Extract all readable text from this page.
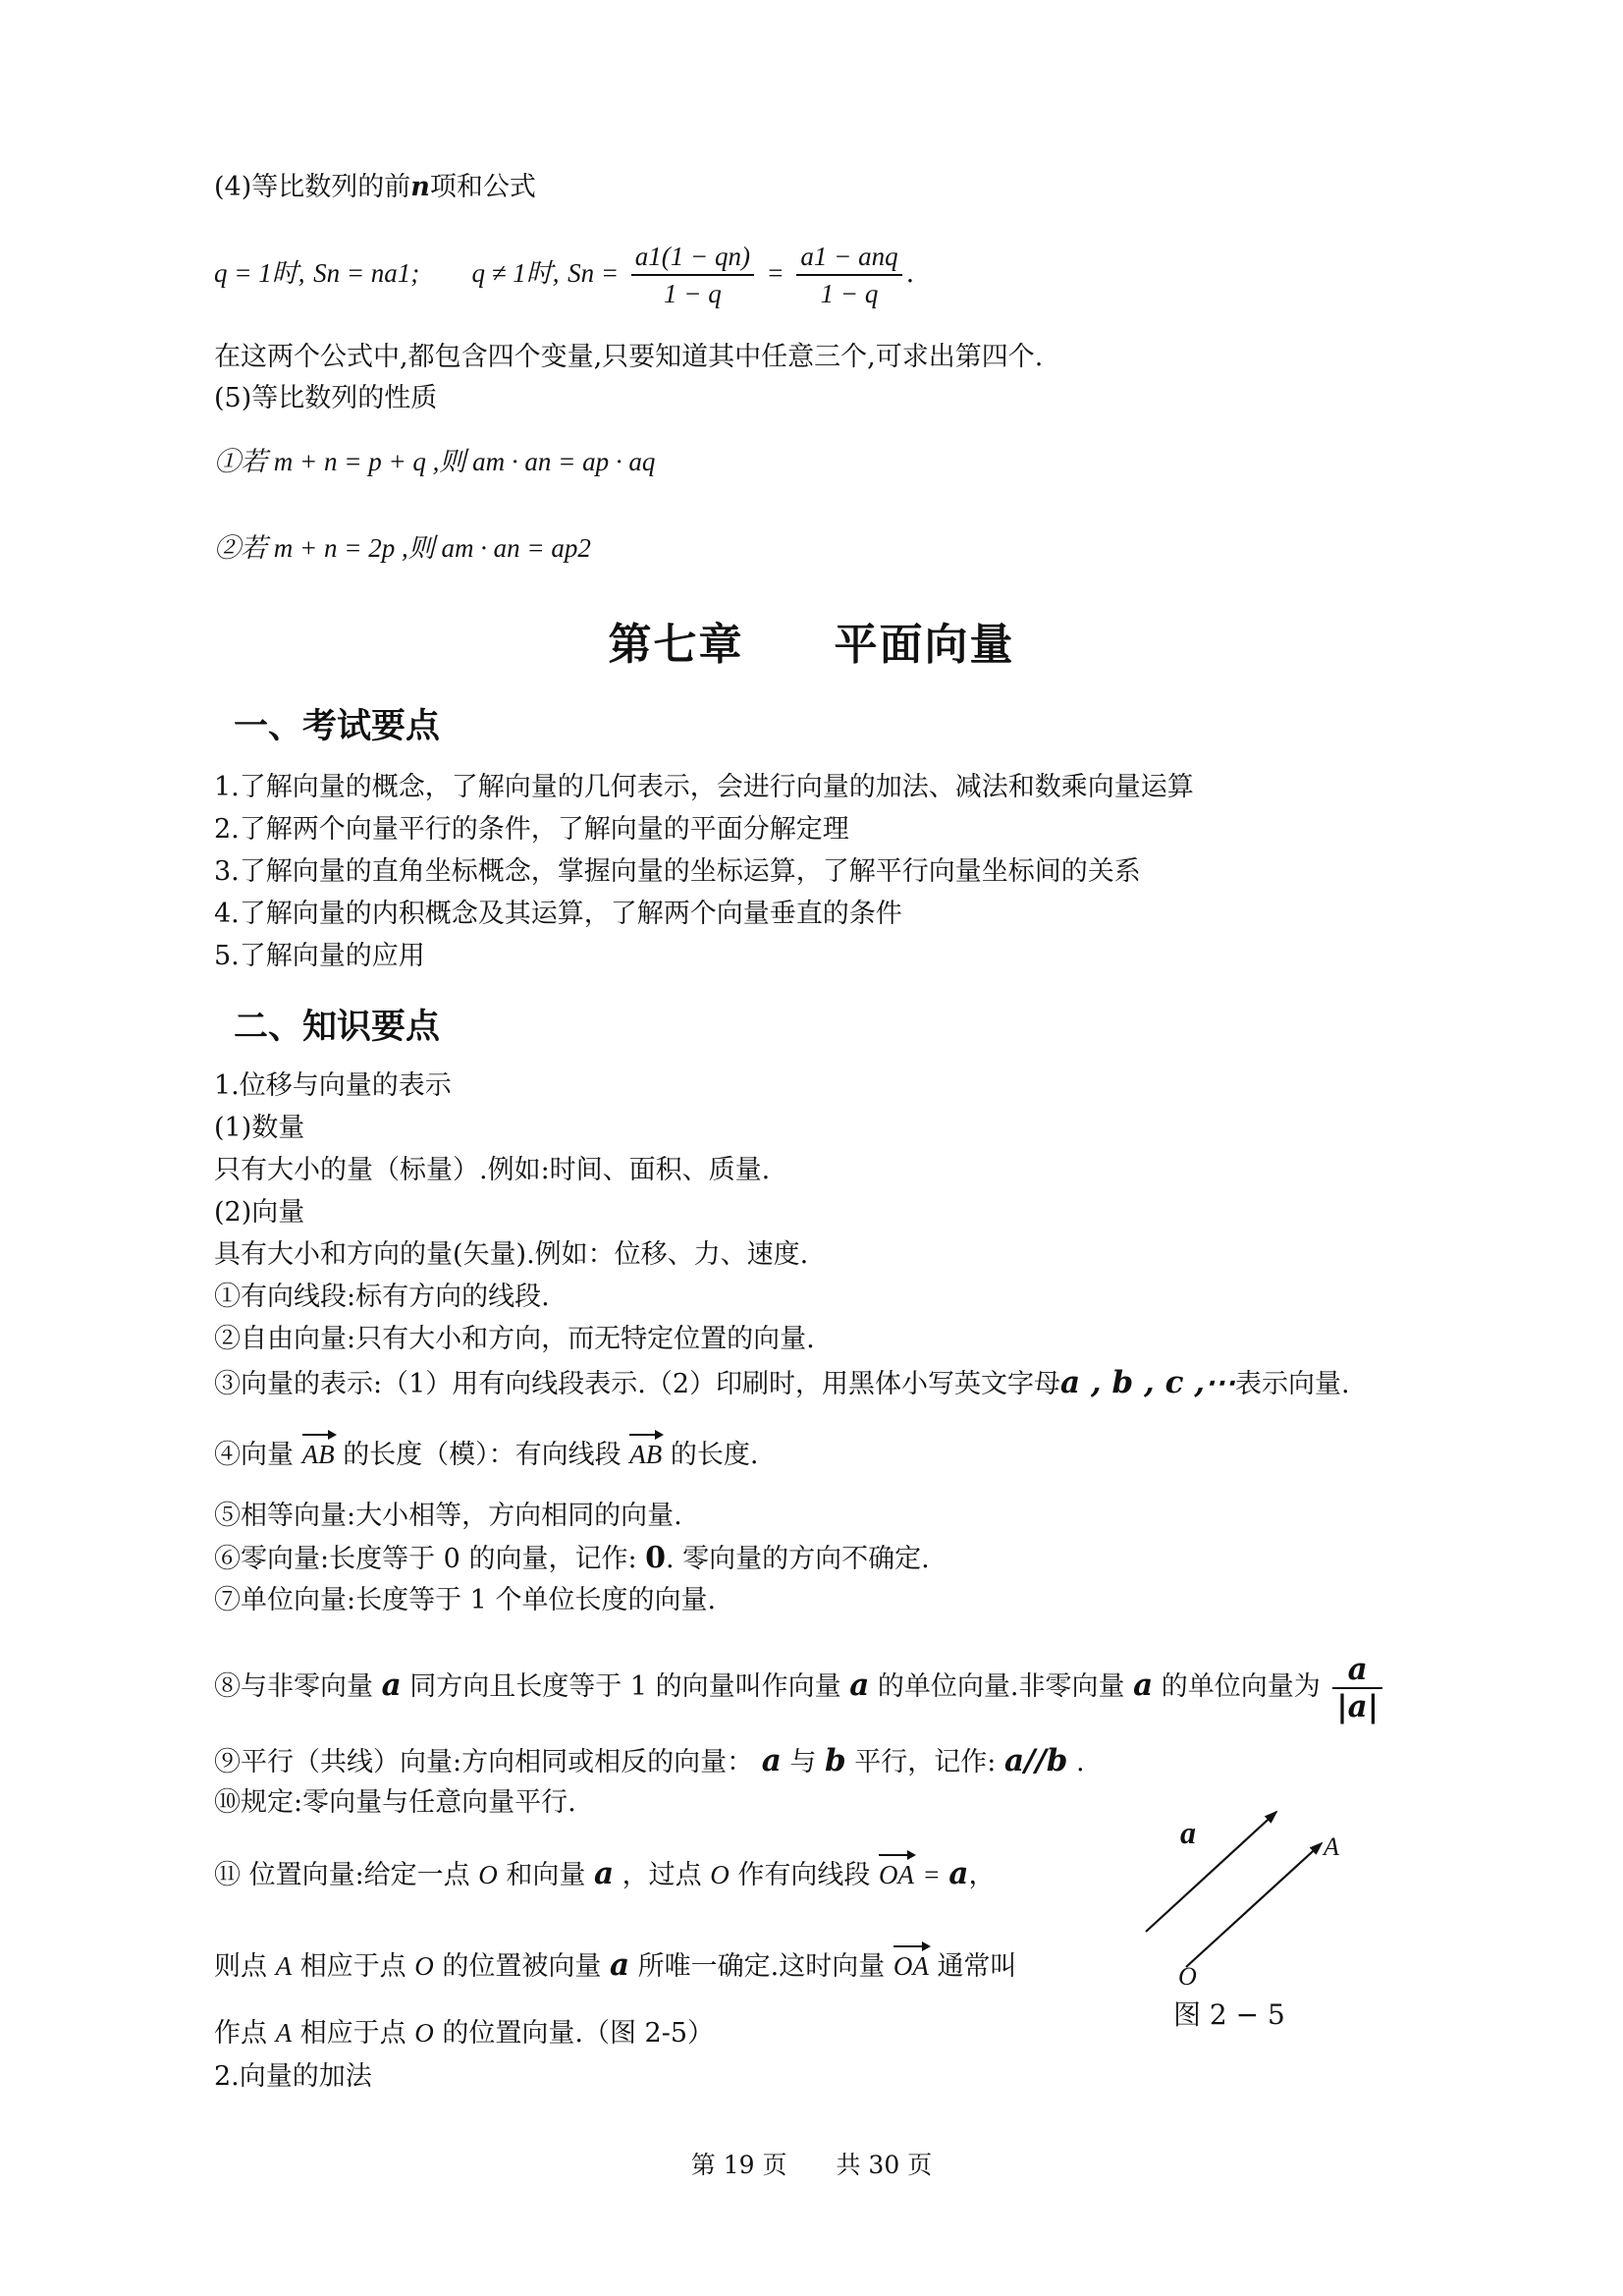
(4)等比数列的前n项和公式
q = 1时, Sn = na1; q ≠ 1时, $Sn = \frac{a1(1 - qn)}{1 - q} = \frac{\text{a1 − anq}}{1 - q}$ .
在这两个公式中,都包含四个变量,只要知道其中任意三个,可求出第四个.
(5)等比数列的性质
①若 m + n = p + q ,则 am · an = ap · aq
②若 m + n = 2p ,则 am · an = ap2
第七章　　平面向量
一、考试要点
1.了解向量的概念，了解向量的几何表示，会进行向量的加法、减法和数乘向量运算
2.了解两个向量平行的条件，了解向量的平面分解定理
3.了解向量的直角坐标概念，掌握向量的坐标运算，了解平行向量坐标间的关系
4.了解向量的内积概念及其运算，了解两个向量垂直的条件
5.了解向量的应用
二、知识要点
1.位移与向量的表示
(1)数量
只有大小的量（标量）.例如:时间、面积、质量.
(2)向量
具有大小和方向的量(矢量).例如：位移、力、速度.
①有向线段:标有方向的线段.
②自由向量:只有大小和方向，而无特定位置的向量.
③向量的表示:（1）用有向线段表示.（2）印刷时，用黑体小写英文字母a , b , c ,⋯表示向量.
④向量 AB 的长度（模）：有向线段 AB 的长度.
⑤相等向量:大小相等，方向相同的向量.
⑥零向量:长度等于 0 的向量，记作: 0. 零向量的方向不确定.
⑦单位向量:长度等于 1 个单位长度的向量.
⑧与非零向量 a 同方向且长度等于 1 的向量叫作向量 a 的单位向量.非零向量 a 的单位向量为 $\frac{a}{|a|}$
⑨平行（共线）向量:方向相同或相反的向量： a 与 b 平行，记作: a//b .
⑩规定:零向量与任意向量平行.
⑪ 位置向量:给定一点 O 和向量 a ，过点 O 作有向线段 OA = a，
则点 A 相应于点 O 的位置被向量 a 所唯一确定.这时向量 OA 通常叫
作点 A 相应于点 O 的位置向量.（图 2-5）
2.向量的加法
a	A
O
图 2 − 5
第 19 页　　共 30 页
